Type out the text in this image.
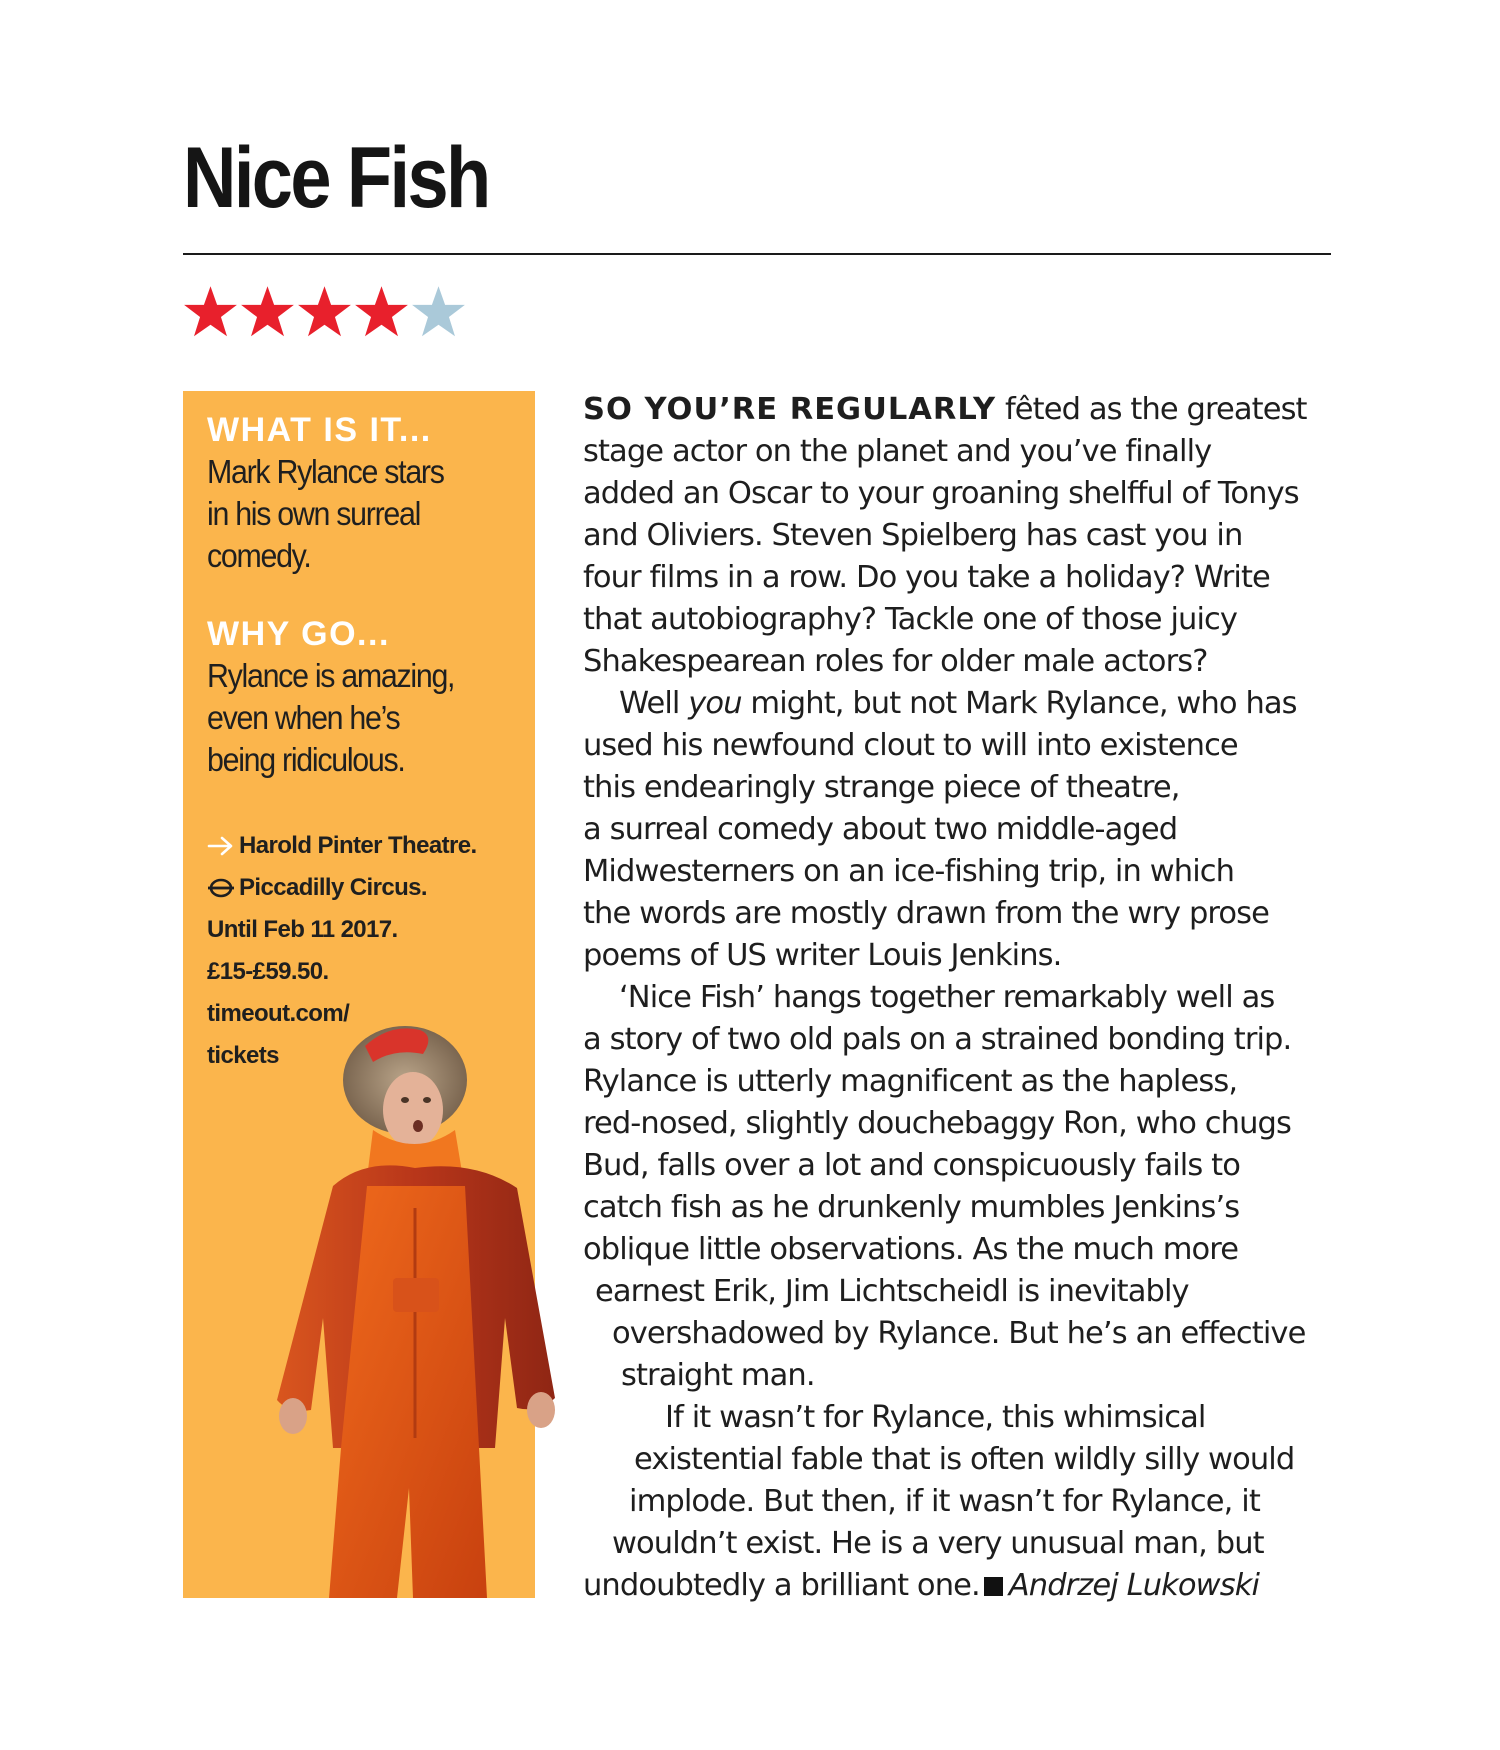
Nice Fish
WHAT IS IT...
Mark Rylance stars
in his own surreal
comedy.
WHY GO...
Rylance is amazing,
even when he’s
being ridiculous.
Harold Pinter Theatre.
Piccadilly Circus.
Until Feb 11 2017.
£15-£59.50.
timeout.com/
tickets
SO YOU’RE REGULARLY fêted as the greatest
stage actor on the planet and you’ve finally
added an Oscar to your groaning shelfful of Tonys
and Oliviers. Steven Spielberg has cast you in
four films in a row. Do you take a holiday? Write
that autobiography? Tackle one of those juicy
Shakespearean roles for older male actors?
Well you might, but not Mark Rylance, who has
used his newfound clout to will into existence
this endearingly strange piece of theatre,
a surreal comedy about two middle-aged
Midwesterners on an ice-fishing trip, in which
the words are mostly drawn from the wry prose
poems of US writer Louis Jenkins.
‘Nice Fish’ hangs together remarkably well as
a story of two old pals on a strained bonding trip.
Rylance is utterly magnificent as the hapless,
red-nosed, slightly douchebaggy Ron, who chugs
Bud, falls over a lot and conspicuously fails to
catch fish as he drunkenly mumbles Jenkins’s
oblique little observations. As the much more
earnest Erik, Jim Lichtscheidl is inevitably
overshadowed by Rylance. But he’s an effective
straight man.
If it wasn’t for Rylance, this whimsical
existential fable that is often wildly silly would
implode. But then, if it wasn’t for Rylance, it
wouldn’t exist. He is a very unusual man, but
undoubtedly a brilliant one. Andrzej Lukowski
